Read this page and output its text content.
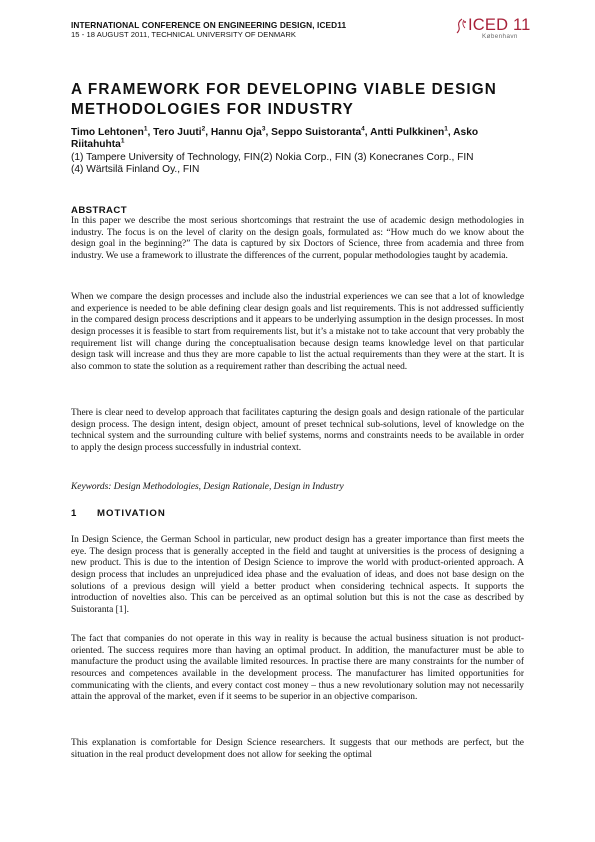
INTERNATIONAL CONFERENCE ON ENGINEERING DESIGN, ICED11
15 - 18 AUGUST 2011, TECHNICAL UNIVERSITY OF DENMARK
ICED 11
København
A FRAMEWORK FOR DEVELOPING VIABLE DESIGN METHODOLOGIES FOR INDUSTRY
Timo Lehtonen$^1$, Tero Juuti$^2$, Hannu Oja$^3$, Seppo Suistoranta$^4$, Antti Pulkkinen$^1$, Asko Riitahuhta$^1$
(1) Tampere University of Technology, FIN(2) Nokia Corp., FIN (3) Konecranes Corp., FIN
(4) Wärtsilä Finland Oy., FIN
ABSTRACT

In this paper we describe the most serious shortcomings that restraint the use of academic design methodologies in industry. The focus is on the level of clarity on the design goals, formulated as: “How much do we know about the design goal in the beginning?” The data is captured by six Doctors of Science, three from academia and three from industry. We use a framework to illustrate the differences of the current, popular methodologies taught by academia.

When we compare the design processes and include also the industrial experiences we can see that a lot of knowledge and experience is needed to be able defining clear design goals and list requirements. This is not addressed sufficiently in the compared design process descriptions and it appears to be underlying assumption in the design processes. In most design processes it is feasible to start from requirements list, but it’s a mistake not to take account that very probably the requirement list will change during the conceptualisation because design teams knowledge level on that particular design task will increase and thus they are more capable to list the actual requirements than they were at the start. It is also common to state the solution as a requirement rather than describing the actual need.

There is clear need to develop approach that facilitates capturing the design goals and design rationale of the particular design process. The design intent, design object, amount of preset technical sub-solutions, level of knowledge on the technical system and the surrounding culture with belief systems, norms and constraints needs to be available in order to apply the design process successfully in industrial context.

Keywords: Design Methodologies, Design Rationale, Design in Industry

1 MOTIVATION

In Design Science, the German School in particular, new product design has a greater importance than first meets the eye. The design process that is generally accepted in the field and taught at universities is the process of designing a new product. This is due to the intention of Design Science to improve the world with product-oriented approach. A design process that includes an unprejudiced idea phase and the evaluation of ideas, and does not base design on the solutions of a previous design will yield a better product when considering technical aspects. It supports the introduction of novelties also. This can be perceived as an optimal solution but this is not the case as described by Suistoranta [1].

The fact that companies do not operate in this way in reality is because the actual business situation is not product-oriented. The success requires more than having an optimal product. In addition, the manufacturer must be able to manufacture the product using the available limited resources. In practise there are many constraints for the number of resources and competences available in the development process. The manufacturer has limited opportunities for communicating with the clients, and every contact cost money – thus a new revolutionary solution may not necessarily attain the approval of the market, even if it seems to be superior in an objective comparison.

This explanation is comfortable for Design Science researchers. It suggests that our methods are perfect, but the situation in the real product development does not allow for seeking the optimal
